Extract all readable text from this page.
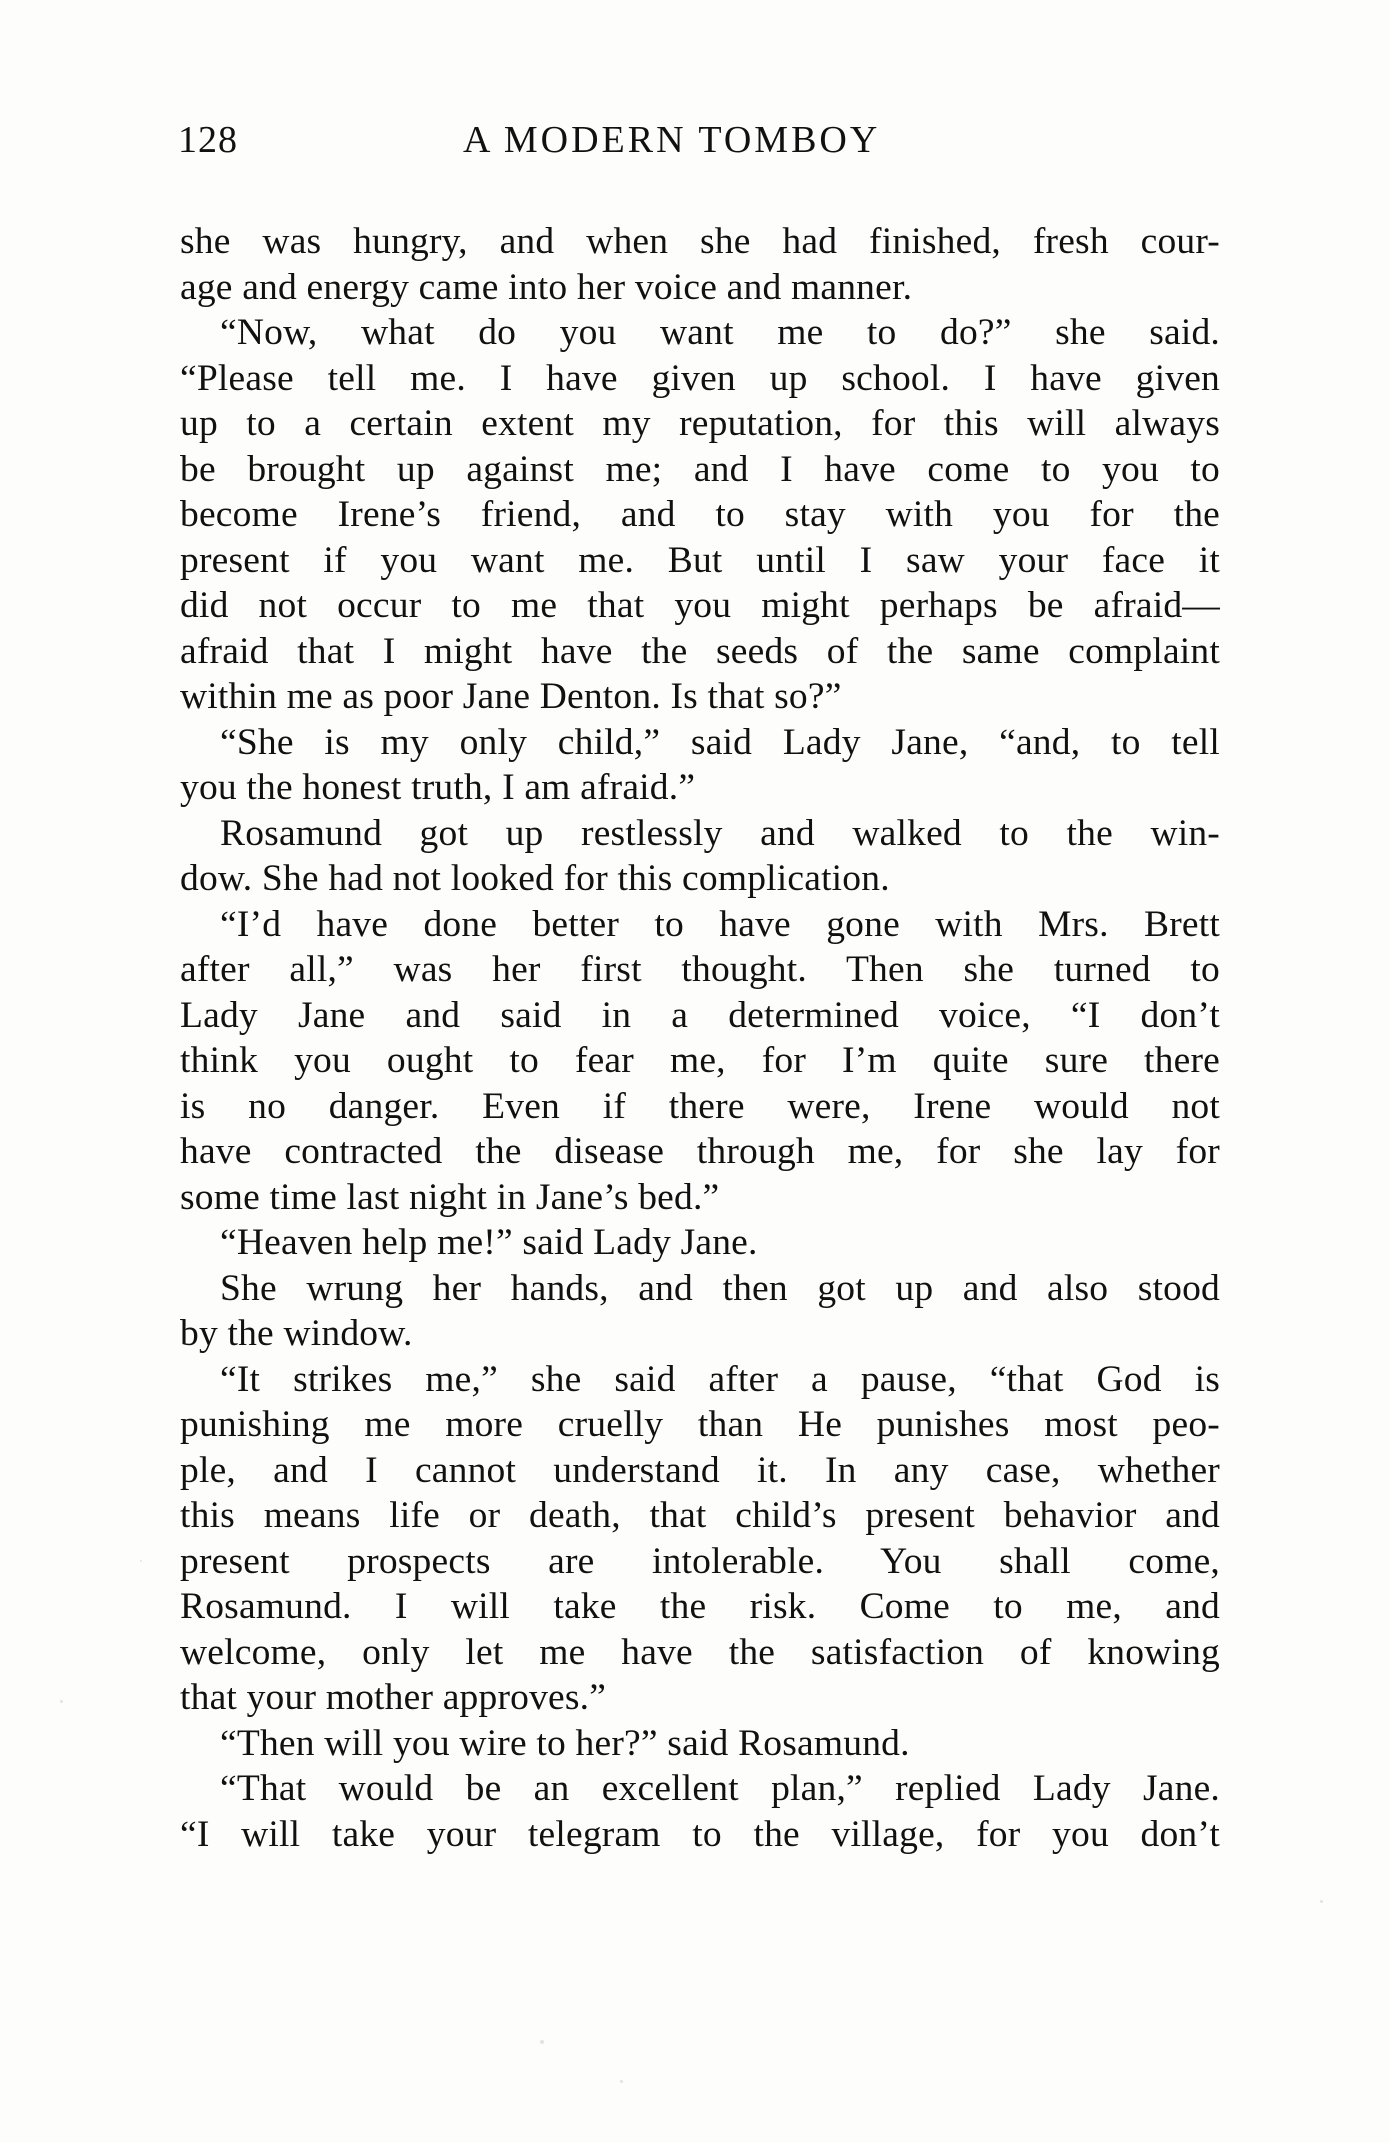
128	A MODERN TOMBOY
she was hungry, and when she had finished, fresh cour-
age and energy came into her voice and manner.
“Now, what do you want me to do?” she said.
“Please tell me. I have given up school. I have given
up to a certain extent my reputation, for this will always
be brought up against me; and I have come to you to
become Irene’s friend, and to stay with you for the
present if you want me. But until I saw your face it
did not occur to me that you might perhaps be afraid—
afraid that I might have the seeds of the same complaint
within me as poor Jane Denton. Is that so?”
“She is my only child,” said Lady Jane, “and, to tell
you the honest truth, I am afraid.”
Rosamund got up restlessly and walked to the win-
dow. She had not looked for this complication.
“I’d have done better to have gone with Mrs. Brett
after all,” was her first thought. Then she turned to
Lady Jane and said in a determined voice, “I don’t
think you ought to fear me, for I’m quite sure there
is no danger. Even if there were, Irene would not
have contracted the disease through me, for she lay for
some time last night in Jane’s bed.”
“Heaven help me!” said Lady Jane.
She wrung her hands, and then got up and also stood
by the window.
“It strikes me,” she said after a pause, “that God is
punishing me more cruelly than He punishes most peo-
ple, and I cannot understand it. In any case, whether
this means life or death, that child’s present behavior and
present prospects are intolerable. You shall come,
Rosamund. I will take the risk. Come to me, and
welcome, only let me have the satisfaction of knowing
that your mother approves.”
“Then will you wire to her?” said Rosamund.
“That would be an excellent plan,” replied Lady Jane.
“I will take your telegram to the village, for you don’t
